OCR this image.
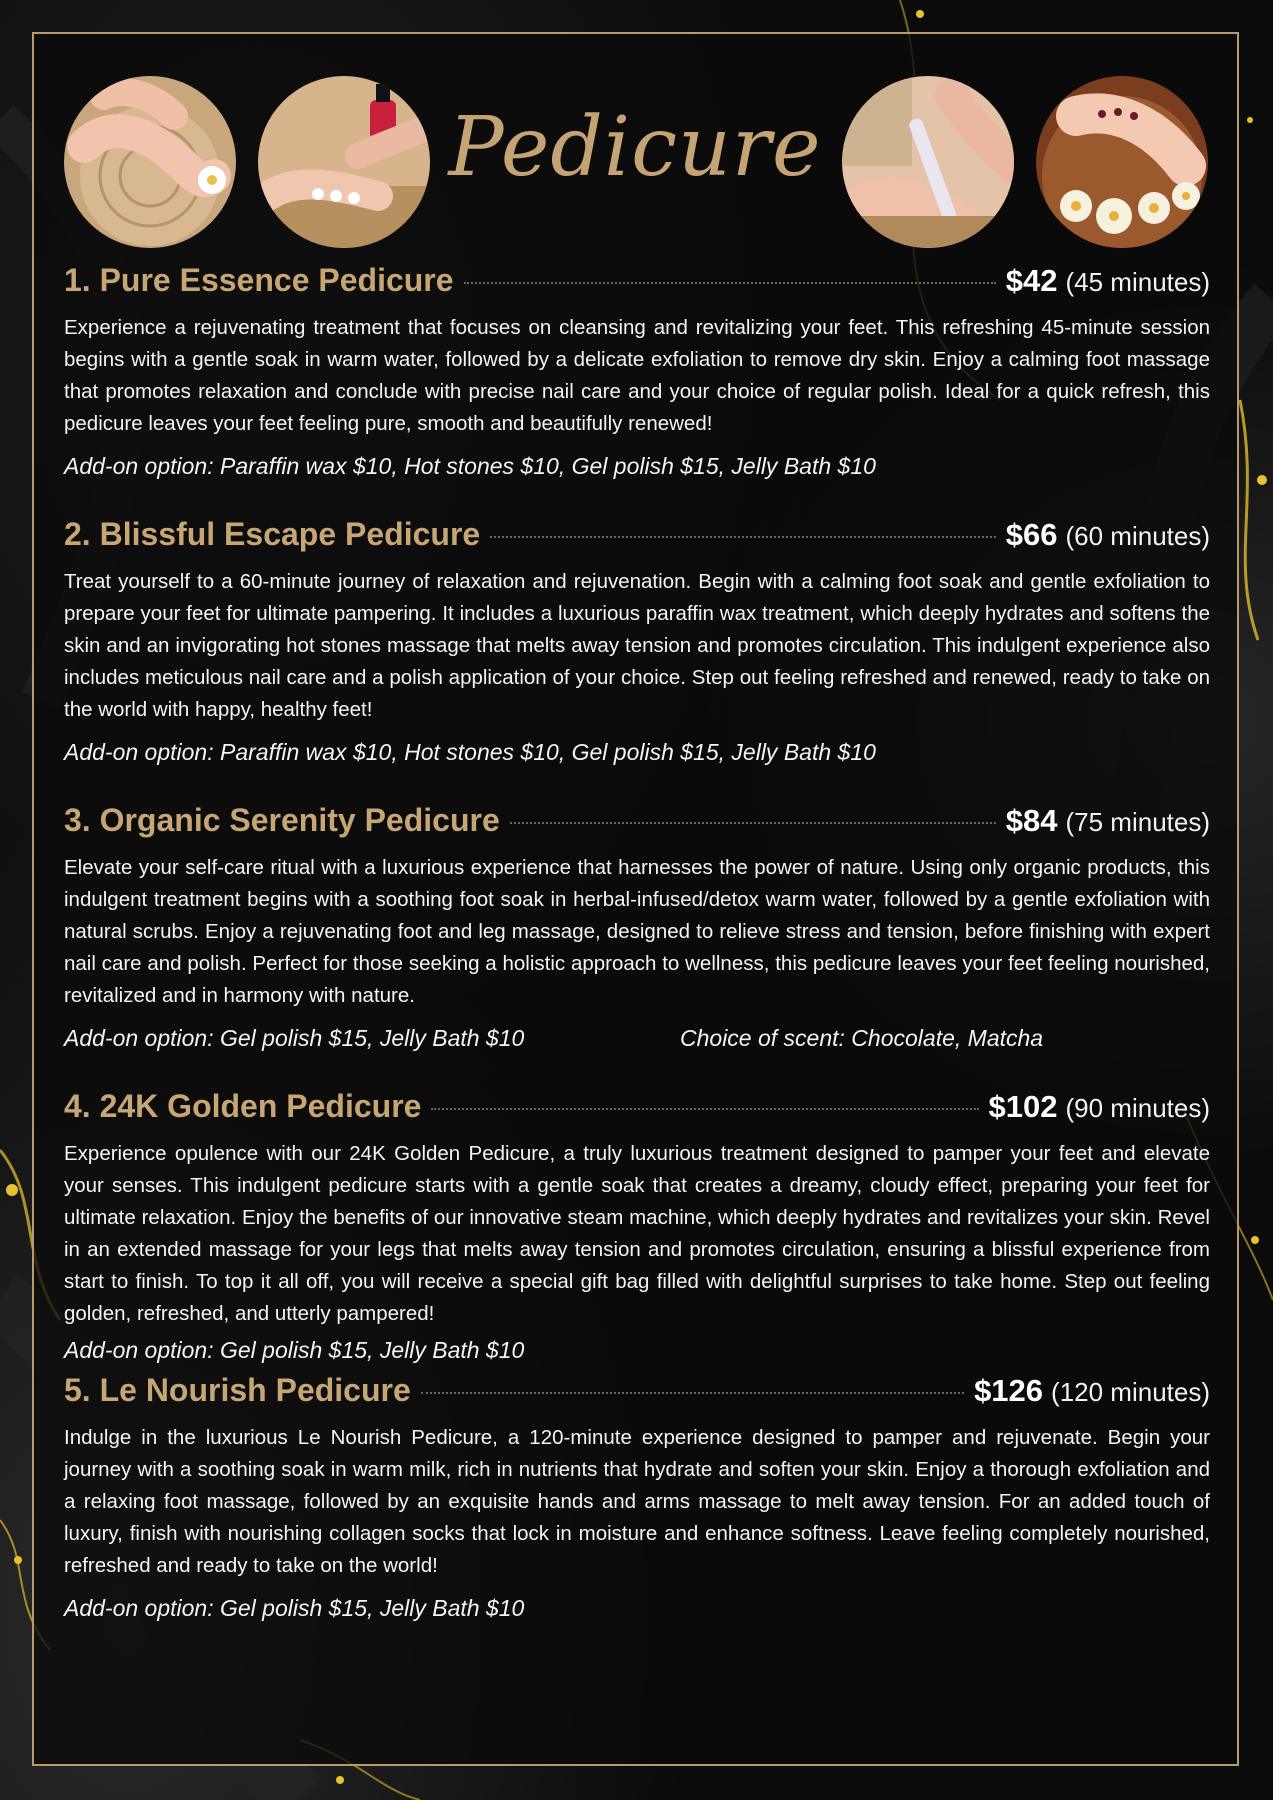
Pedicure
1. Pure Essence Pedicure	$42 (45 minutes)

Experience a rejuvenating treatment that focuses on cleansing and revitalizing your feet. This refreshing 45-minute session begins with a gentle soak in warm water, followed by a delicate exfoliation to remove dry skin. Enjoy a calming foot massage that promotes relaxation and conclude with precise nail care and your choice of regular polish. Ideal for a quick refresh, this pedicure leaves your feet feeling pure, smooth and beautifully renewed!

Add-on option: Paraffin wax $10, Hot stones $10, Gel polish $15, Jelly Bath $10
2. Blissful Escape Pedicure	$66 (60 minutes)

Treat yourself to a 60-minute journey of relaxation and rejuvenation. Begin with a calming foot soak and gentle exfoliation to prepare your feet for ultimate pampering. It includes a luxurious paraffin wax treatment, which deeply hydrates and softens the skin and an invigorating hot stones massage that melts away tension and promotes circulation. This indulgent experience also includes meticulous nail care and a polish application of your choice. Step out feeling refreshed and renewed, ready to take on the world with happy, healthy feet!

Add-on option: Paraffin wax $10, Hot stones $10, Gel polish $15, Jelly Bath $10
3. Organic Serenity Pedicure	$84 (75 minutes)

Elevate your self-care ritual with a luxurious experience that harnesses the power of nature. Using only organic products, this indulgent treatment begins with a soothing foot soak in herbal-infused/detox warm water, followed by a gentle exfoliation with natural scrubs. Enjoy a rejuvenating foot and leg massage, designed to relieve stress and tension, before finishing with expert nail care and polish. Perfect for those seeking a holistic approach to wellness, this pedicure leaves your feet feeling nourished, revitalized and in harmony with nature.

Add-on option: Gel polish $15, Jelly Bath $10	Choice of scent: Chocolate, Matcha
4. 24K Golden Pedicure	$102 (90 minutes)

Experience opulence with our 24K Golden Pedicure, a truly luxurious treatment designed to pamper your feet and elevate your senses. This indulgent pedicure starts with a gentle soak that creates a dreamy, cloudy effect, preparing your feet for ultimate relaxation. Enjoy the benefits of our innovative steam machine, which deeply hydrates and revitalizes your skin. Revel in an extended massage for your legs that melts away tension and promotes circulation, ensuring a blissful experience from start to finish. To top it all off, you will receive a special gift bag filled with delightful surprises to take home. Step out feeling golden, refreshed, and utterly pampered!

Add-on option: Gel polish $15, Jelly Bath $10
5. Le Nourish Pedicure	$126 (120 minutes)

Indulge in the luxurious Le Nourish Pedicure, a 120-minute experience designed to pamper and rejuvenate. Begin your journey with a soothing soak in warm milk, rich in nutrients that hydrate and soften your skin. Enjoy a thorough exfoliation and a relaxing foot massage, followed by an exquisite hands and arms massage to melt away tension. For an added touch of luxury, finish with nourishing collagen socks that lock in moisture and enhance softness. Leave feeling completely nourished, refreshed and ready to take on the world!

Add-on option: Gel polish $15, Jelly Bath $10
